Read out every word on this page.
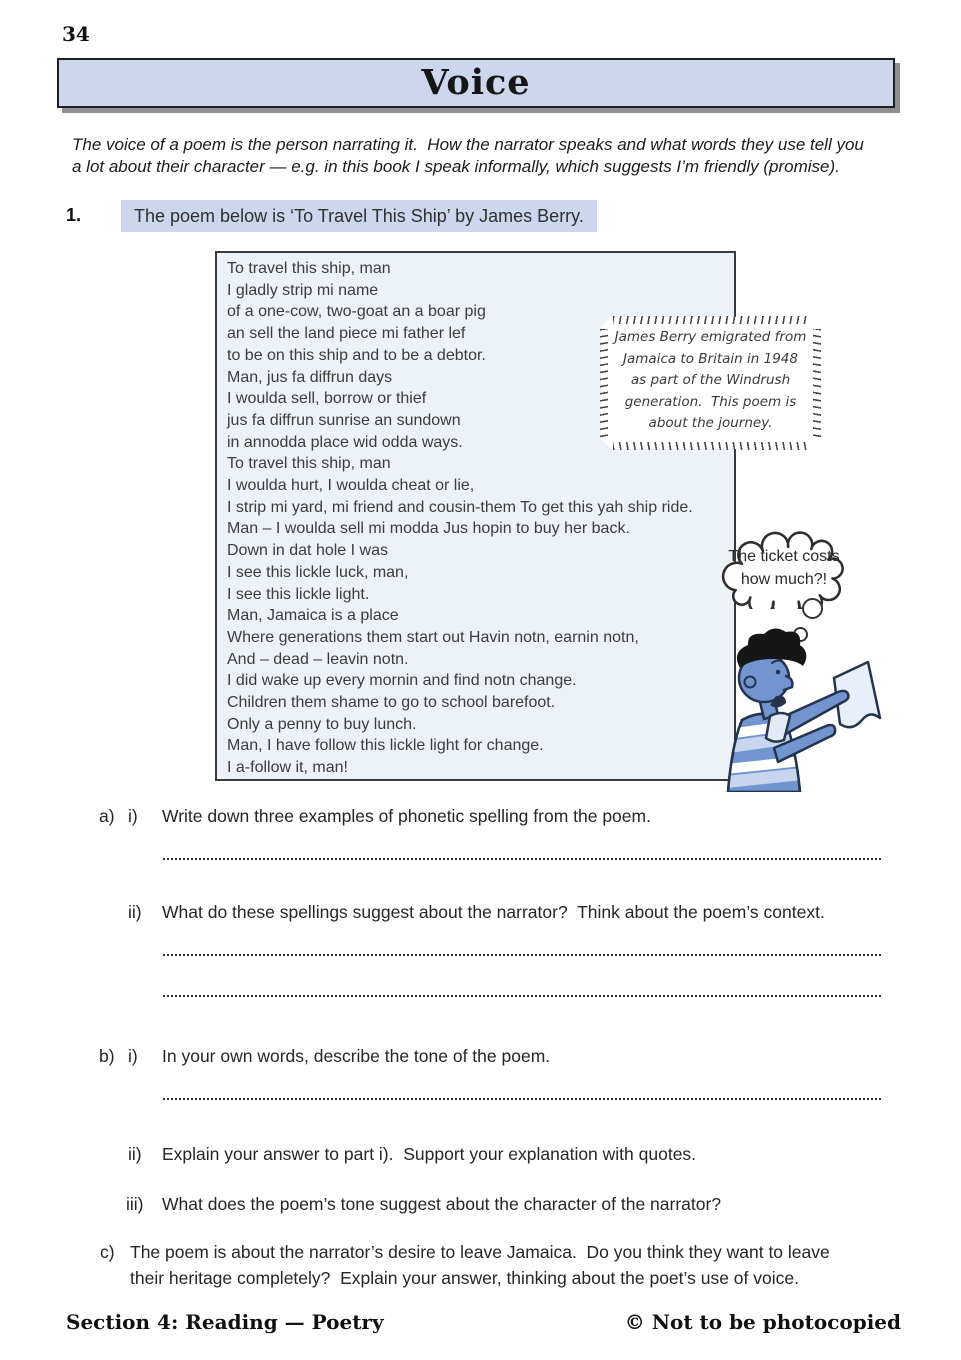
34
Voice
The voice of a poem is the person narrating it.  How the narrator speaks and what words they use tell you
a lot about their character — e.g. in this book I speak informally, which suggests I’m friendly (promise).
1.	The poem below is ‘To Travel This Ship’ by James Berry.
To travel this ship, man
I gladly strip mi name
of a one-cow, two-goat an a boar pig
an sell the land piece mi father lef
to be on this ship and to be a debtor.
Man, jus fa diffrun days
I woulda sell, borrow or thief
jus fa diffrun sunrise an sundown
in annodda place wid odda ways.
To travel this ship, man
I woulda hurt, I woulda cheat or lie,
I strip mi yard, mi friend and cousin-them To get this yah ship ride.
Man – I woulda sell mi modda Jus hopin to buy her back.
Down in dat hole I was
I see this lickle luck, man,
I see this lickle light.
Man, Jamaica is a place
Where generations them start out Havin notn, earnin notn,
And – dead – leavin notn.
I did wake up every mornin and find notn change.
Children them shame to go to school barefoot.
Only a penny to buy lunch.
Man, I have follow this lickle light for change.
I a-follow it, man!
James Berry emigrated from
Jamaica to Britain in 1948
as part of the Windrush
generation.  This poem is
about the journey.
The ticket costs
how much?!
a) i) Write down three examples of phonetic spelling from the poem.
ii) What do these spellings suggest about the narrator?  Think about the poem’s context.
b) i) In your own words, describe the tone of the poem.
ii) Explain your answer to part i).  Support your explanation with quotes.
iii) What does the poem’s tone suggest about the character of the narrator?
c) The poem is about the narrator’s desire to leave Jamaica.  Do you think they want to leave
their heritage completely?  Explain your answer, thinking about the poet’s use of voice.
Section 4: Reading — Poetry	© Not to be photocopied
